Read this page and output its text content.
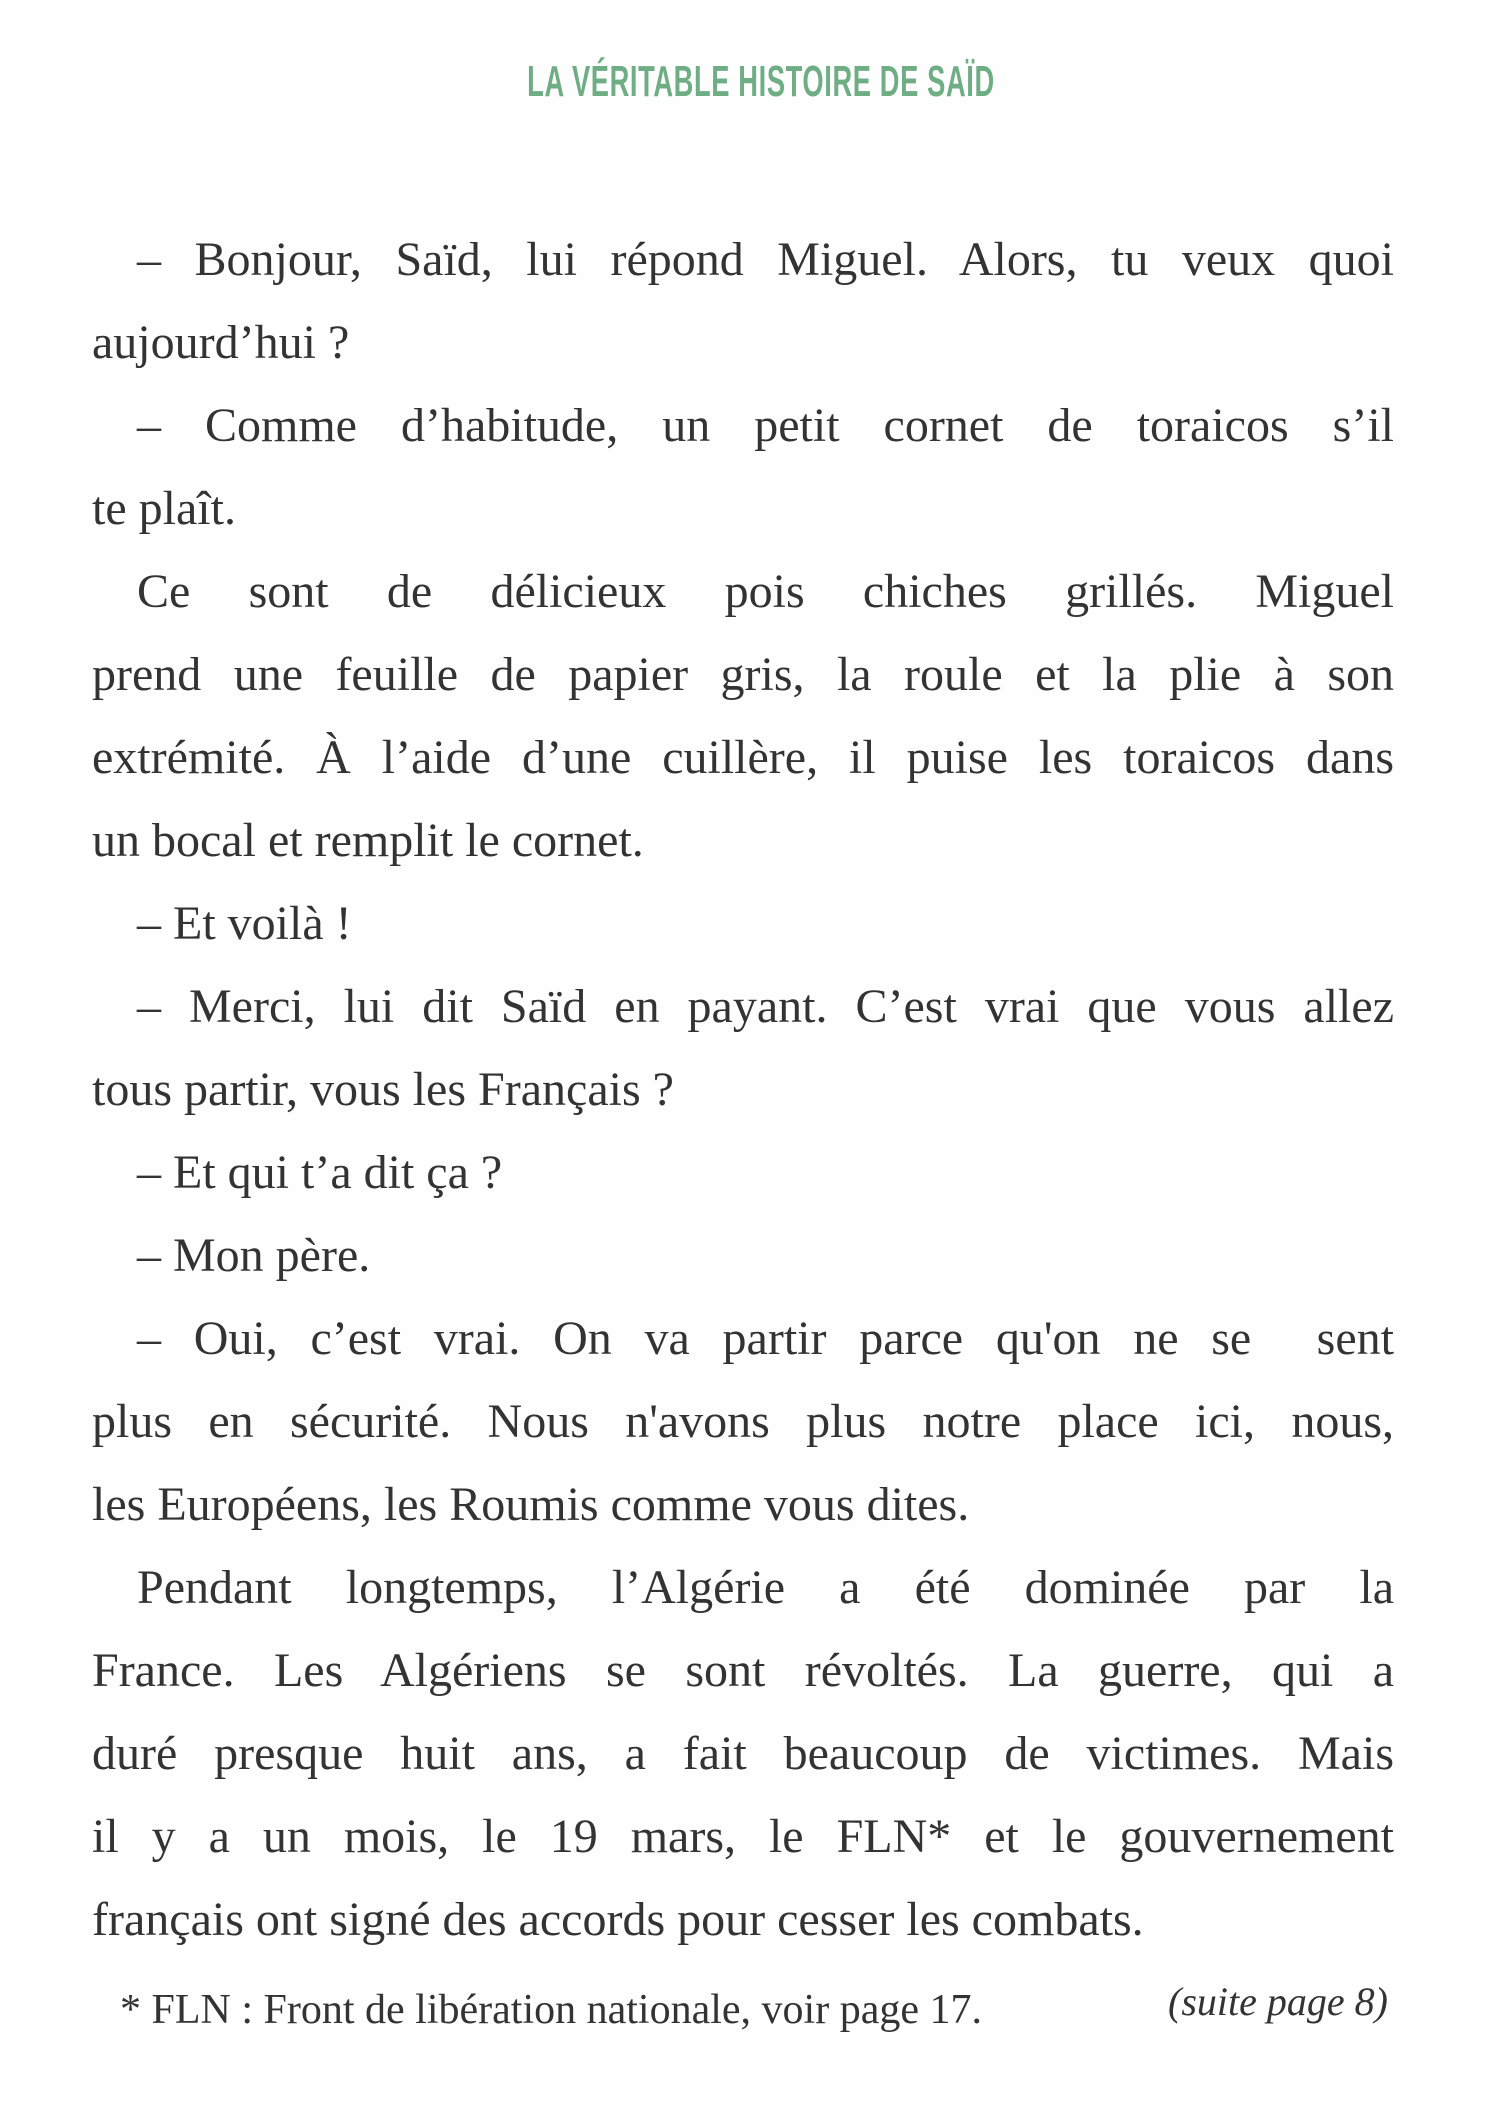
LA VÉRITABLE HISTOIRE DE SAÏD
– Bonjour, Saïd, lui répond Miguel. Alors, tu veux quoi
aujourd’hui ?
– Comme d’habitude, un petit cornet de toraicos s’il
te plaît.
Ce sont de délicieux pois chiches grillés. Miguel
prend une feuille de papier gris, la roule et la plie à son
extrémité. À l’aide d’une cuillère, il puise les toraicos dans
un bocal et remplit le cornet.
– Et voilà !
– Merci, lui dit Saïd en payant. C’est vrai que vous allez
tous partir, vous les Français ?
– Et qui t’a dit ça ?
– Mon père.
– Oui, c’est vrai. On va partir parce qu'on ne se  sent
plus en sécurité. Nous n'avons plus notre place ici, nous,
les Européens, les Roumis comme vous dites.
Pendant longtemps, l’Algérie a été dominée par la
France. Les Algériens se sont révoltés. La guerre, qui a
duré presque huit ans, a fait beaucoup de victimes. Mais
il y a un mois, le 19 mars, le FLN* et le gouvernement
français ont signé des accords pour cesser les combats.
* FLN : Front de libération nationale, voir page 17.	(suite page 8)
